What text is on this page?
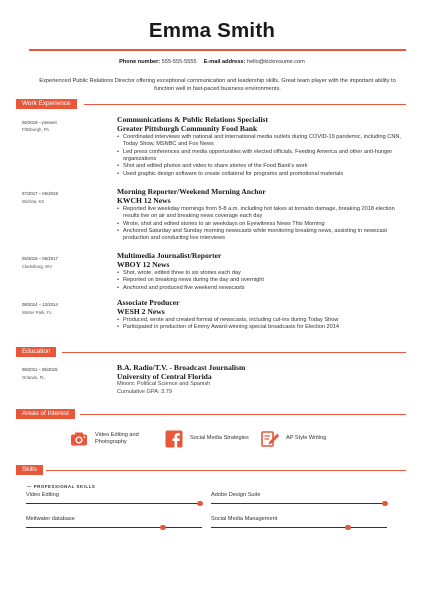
Emma Smith
Phone number: 555-555-5555 E-mail address: hello@kickresume.com
Experienced Public Relations Director offering exceptional communication and leadership skills. Great team player with the important ability to function well in fast-paced business environments.
Work Experience
06/2019 – present
Pittsburgh, PA
Communications & Public Relations Specialist
Greater Pittsburgh Community Food Bank
• Coordinated interviews with national and international media outlets during COVID-19 pandemic, including CNN, Today Show, MSNBC and Fox News
• Led press conferences and media opportunities with elected officials, Feeding America and other anti-hunger organizations
• Shot and edited photos and video to share stories of the Food Bank's work
• Used graphic design software to create collateral for programs and promotional materials
07/2017 – 06/2019
Wichita, KS
Morning Reporter/Weekend Morning Anchor
KWCH 12 News
• Reported live weekday mornings from 5-8 a.m. including hot takes at tornado damage, breaking 2018 election results live on air and breaking news coverage each day
• Wrote, shot and edited stories to air weekdays on Eyewitness News This Morning
• Anchored Saturday and Sunday morning newscasts while monitoring breaking news, assisting in newscast production and conducting live interviews
05/2015 – 06/2017
Clarksburg, WV
Multimedia Journalist/Reporter
WBOY 12 News
• Shot, wrote, edited three to six stories each day
• Reported on breaking news during the day and overnight
• Anchored and produced five weekend newscasts
08/2014 – 12/2014
Winter Park, FL
Associate Producer
WESH 2 News
• Produced, wrote and created format of newscasts, including cut-ins during Today Show
• Participated in production of Emmy Award-winning special broadcasts for Election 2014
Education
08/2011 – 05/2015
Orlando, FL
B.A. Radio/T.V. - Broadcast Journalism
University of Central Florida
Minors: Political Science and Spanish
Cumulative GPA: 3.79
Areas of Interest
Video Editing and Photography
Social Media Strategies	AP Style Writing
Skills
— PROFESSIONAL SKILLS
Video Editing	Adobe Design Suite
Meltwater database	Social Media Management
